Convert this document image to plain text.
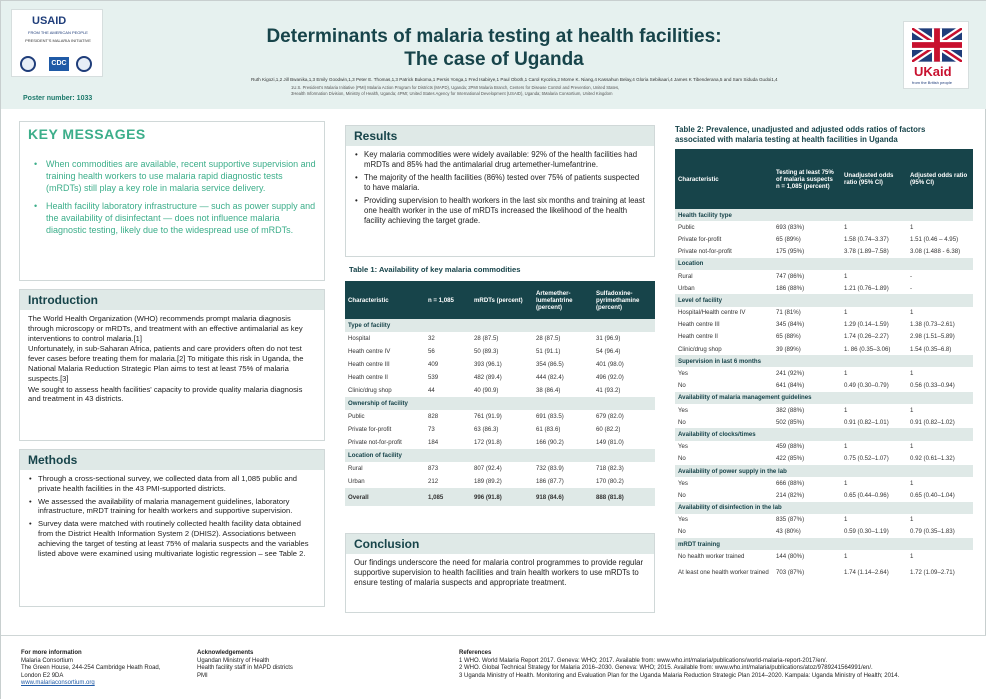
USAID
FROM THE AMERICAN PEOPLE
PRESIDENT'S MALARIA INITIATIVE
CDC
Poster number: 1033
Determinants of malaria testing at health facilities:
The case of Uganda
Ruth Kigozi,1,2 Jill Bwanika,1,3 Emily Goodwin,1,3 Peter E. Thomas,1,3 Patrick Bukoma,1 Persis Yonga,1 Fred Isabirye,1 Paul Oboth,1 Carol Kyozira,2 Morne K. Niang,4 Kassahun Belay,4 Gloria Sebikaari,4 James K Tibenderana,5 and Sam Siduda Gudoi1,4
1U.S. President's Malaria Initiative (PMI) Malaria Action Program for Districts (MAPD), Uganda; 2PMI Malaria Branch, Centers for Disease Control and Prevention, United States,
3Health Information Division, Ministry of Health, Uganda; 4PMI; United States Agency for International Development (USAID), Uganda; 5Malaria Consortium, United Kingdom
UKaid
from the British people
KEY MESSAGES
• When commodities are available, recent supportive supervision and training health workers to use malaria rapid diagnostic tests (mRDTs) still play a key role in malaria service delivery.
• Health facility laboratory infrastructure — such as power supply and the availability of disinfectant — does not influence malaria diagnostic testing, likely due to the widespread use of mRDTs.
Introduction

The World Health Organization (WHO) recommends prompt malaria diagnosis through microscopy or mRDTs, and treatment with an effective antimalarial as key interventions to control malaria.[1]

Unfortunately, in sub-Saharan Africa, patients and care providers often do not test fever cases before treating them for malaria.[2] To mitigate this risk in Uganda, the National Malaria Reduction Strategic Plan aims to test at least 75% of malaria suspects.[3]

We sought to assess health facilities' capacity to provide quality malaria diagnosis and treatment in 43 districts.

Methods
• Through a cross-sectional survey, we collected data from all 1,085 public and private health facilities in the 43 PMI-supported districts.
• We assessed the availability of malaria management guidelines, laboratory infrastructure, mRDT training for health workers and supportive supervision.
• Survey data were matched with routinely collected health facility data obtained from the District Health Information System 2 (DHIS2). Associations between achieving the target of testing at least 75% of malaria suspects and the variables listed above were examined using multivariate logistic regression – see Table 2.
Results
• Key malaria commodities were widely available: 92% of the health facilities had mRDTs and 85% had the antimalarial drug artemether-lumefantrine.
• The majority of the health facilities (86%) tested over 75% of patients suspected to have malaria.
• Providing supervision to health workers in the last six months and training at least one health worker in the use of mRDTs increased the likelihood of the health facility achieving the target grade.
Table 1: Availability of key malaria commodities
Characteristic	n = 1,085	mRDTs (percent)	Artemether-lumefantrine (percent)	Sulfadoxine-pyrimethamine (percent)
Type of facility				
Hospital	32	28 (87.5)	28 (87.5)	31 (96.9)
Heath centre IV	56	50 (89.3)	51 (91.1)	54 (96.4)
Heath centre III	409	393 (96.1)	354 (86.5)	401 (98.0)
Heath centre II	539	482 (89.4)	444 (82.4)	496 (92.0)
Clinic/drug shop	44	40 (90.9)	38 (86.4)	41 (93.2)
Ownership of facility				
Public	828	761 (91.9)	691 (83.5)	679 (82.0)
Private for-profit	73	63 (86.3)	61 (83.6)	60 (82.2)
Private not-for-profit	184	172 (91.8)	166 (90.2)	149 (81.0)
Location of facility				
Rural	873	807 (92.4)	732 (83.9)	718 (82.3)
Urban	212	189 (89.2)	186 (87.7)	170 (80.2)
Overall	1,085	996 (91.8)	918 (84.6)	888 (81.8)
Conclusion
Our findings underscore the need for malaria control programmes to provide regular supportive supervision to health facilities and train health workers to use mRDTs to ensure testing of malaria suspects and appropriate treatment.
Table 2: Prevalence, unadjusted and adjusted odds ratios of factors associated with malaria testing at health facilities in Uganda
Characteristic	Testing at least 75% of malaria suspects n = 1,085 (percent)	Unadjusted odds ratio (95% CI)	Adjusted odds ratio (95% CI)
Health facility type			
Public	693 (83%)	1	1
Private for-profit	65 (89%)	1.58 (0.74–3.37)	1.51 (0.46 – 4.95)
Private not-for-profit	175 (95%)	3.78 (1.89–7.58)	3.08 (1.488 - 6.38)
Location			
Rural	747 (86%)	1	-
Urban	186 (88%)	1.21 (0.76–1.89)	-
Level of facility			
Hospital/Health centre IV	71 (81%)	1	1
Heath centre III	345 (84%)	1.29 (0.14–1.59)	1.38 (0.73–2.61)
Heath centre II	65 (88%)	1.74 (0.26–2.27)	2.98 (1.51–5.89)
Clinic/drug shop	39 (89%)	1. 86 (0.35–3.06)	1.54 (0.35–6.8)
Supervision in last 6 months			
Yes	241 (92%)	1	1
No	641 (84%)	0.49 (0.30–0.79)	0.56 (0.33–0.94)
Availability of malaria management guidelines			
Yes	382 (88%)	1	1
No	502 (85%)	0.91 (0.82–1.01)	0.91 (0.82–1.02)
Availability of clocks/times			
Yes	459 (88%)	1	1
No	422 (85%)	0.75 (0.52–1.07)	0.92 (0.61–1.32)
Availability of power supply in the lab			
Yes	666 (88%)	1	1
No	214 (82%)	0.65 (0.44–0.96)	0.65 (0.40–1.04)
Availability of disinfection in the lab			
Yes	835 (87%)	1	1
No	43 (80%)	0.59 (0.30–1.19)	0.79 (0.35–1.83)
mRDT training			
No health worker trained	144 (80%)	1	1
At least one health worker trained	703 (87%)	1.74 (1.14–2.64)	1.72 (1.09–2.71)
For more information
Malaria Consortium
The Green House, 244-254 Cambridge Heath Road,
London E2 9DA
www.malariaconsortium.org
Acknowledgements
Ugandan Ministry of Health
Health facility staff in MAPD districts
PMI
References
1 WHO. World Malaria Report 2017. Geneva: WHO; 2017. Available from: www.who.int/malaria/publications/world-malaria-report-2017/en/.
2 WHO. Global Technical Strategy for Malaria 2016–2030. Geneva: WHO; 2015. Available from: www.who.int/malaria/publications/atoz/9789241564991/en/.
3 Uganda Ministry of Health. Monitoring and Evaluation Plan for the Uganda Malaria Reduction Strategic Plan 2014–2020. Kampala: Uganda Ministry of Health; 2014.
